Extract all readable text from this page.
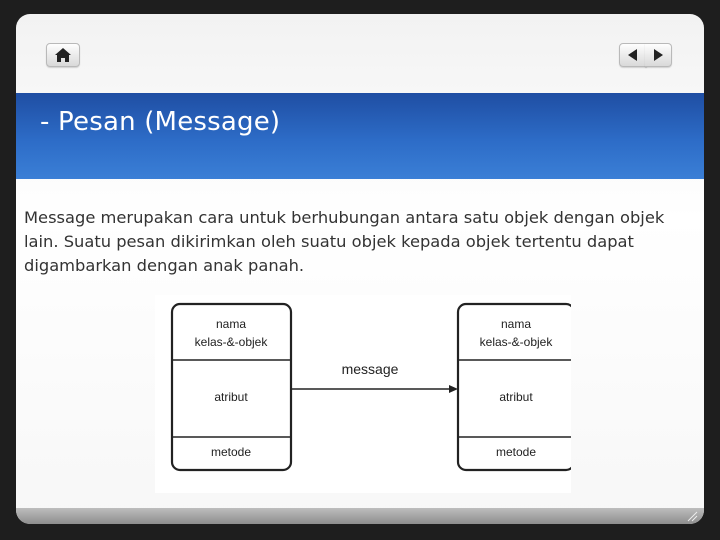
- Pesan (Message)
Message merupakan cara untuk berhubungan antara satu objek dengan objek lain. Suatu pesan dikirimkan oleh suatu objek kepada objek tertentu dapat digambarkan dengan anak panah.
nama
kelas-&-objek
atribut
metode
nama
kelas-&-objek
atribut
metode
message
